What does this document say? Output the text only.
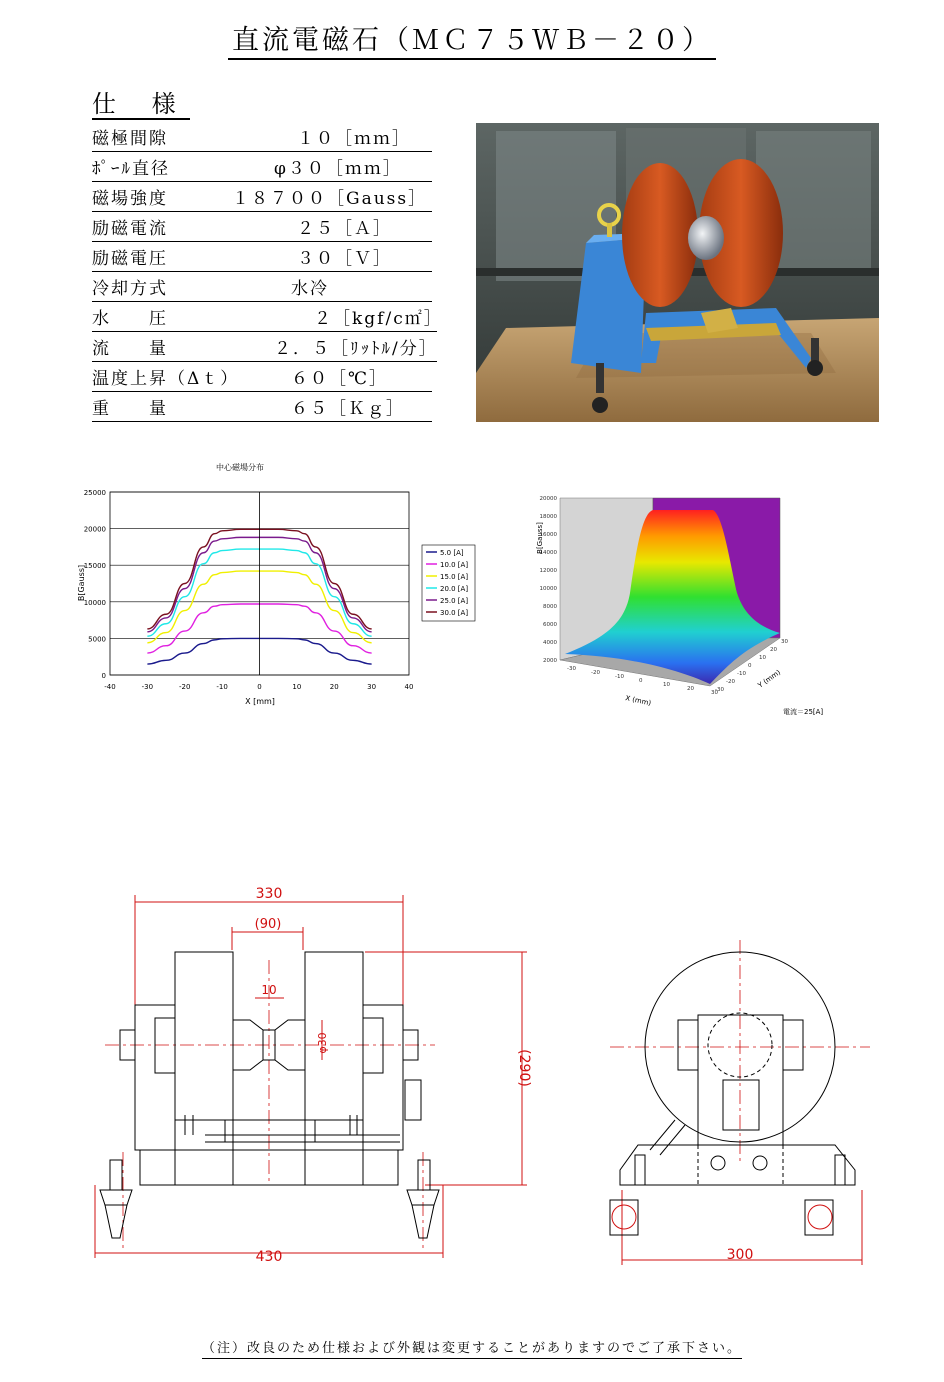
直流電磁石（ＭＣ７５ＷＢ－２０）
仕 様
磁極間隙	１０［ｍｍ］
ﾎﾟｰﾙ直径	φ３０［ｍｍ］
磁場強度	１８７００［Gauss］
励磁電流	２５［Ａ］
励磁電圧	３０［Ｖ］
冷却方式	水冷
水　　圧	２［kgf/c㎡］
流　　量	２．５［ﾘｯﾄﾙ/分］
温度上昇（Δｔ）	６０［℃］
重　　量	６５［Ｋｇ］
中心磁場分布
0
5000
10000
15000
20000
25000
-40	-30	-20	-10	0	10	20	30	40
X [mm]
B[Gauss]
5.0 [A]
10.0 [A]
15.0 [A]
20.0 [A]
25.0 [A]
30.0 [A]
B[Gauss]
2000
4000
6000
8000
10000
12000
14000
16000
18000
20000
-30
-20
-10
0
10
20
30
-30
-20
-10
0
10
20
30
X (mm)
Y (mm)
電流＝25[A]
330
(90)
10
φ30
430
(290)
300
（注）改良のため仕様および外観は変更することがありますのでご了承下さい。
